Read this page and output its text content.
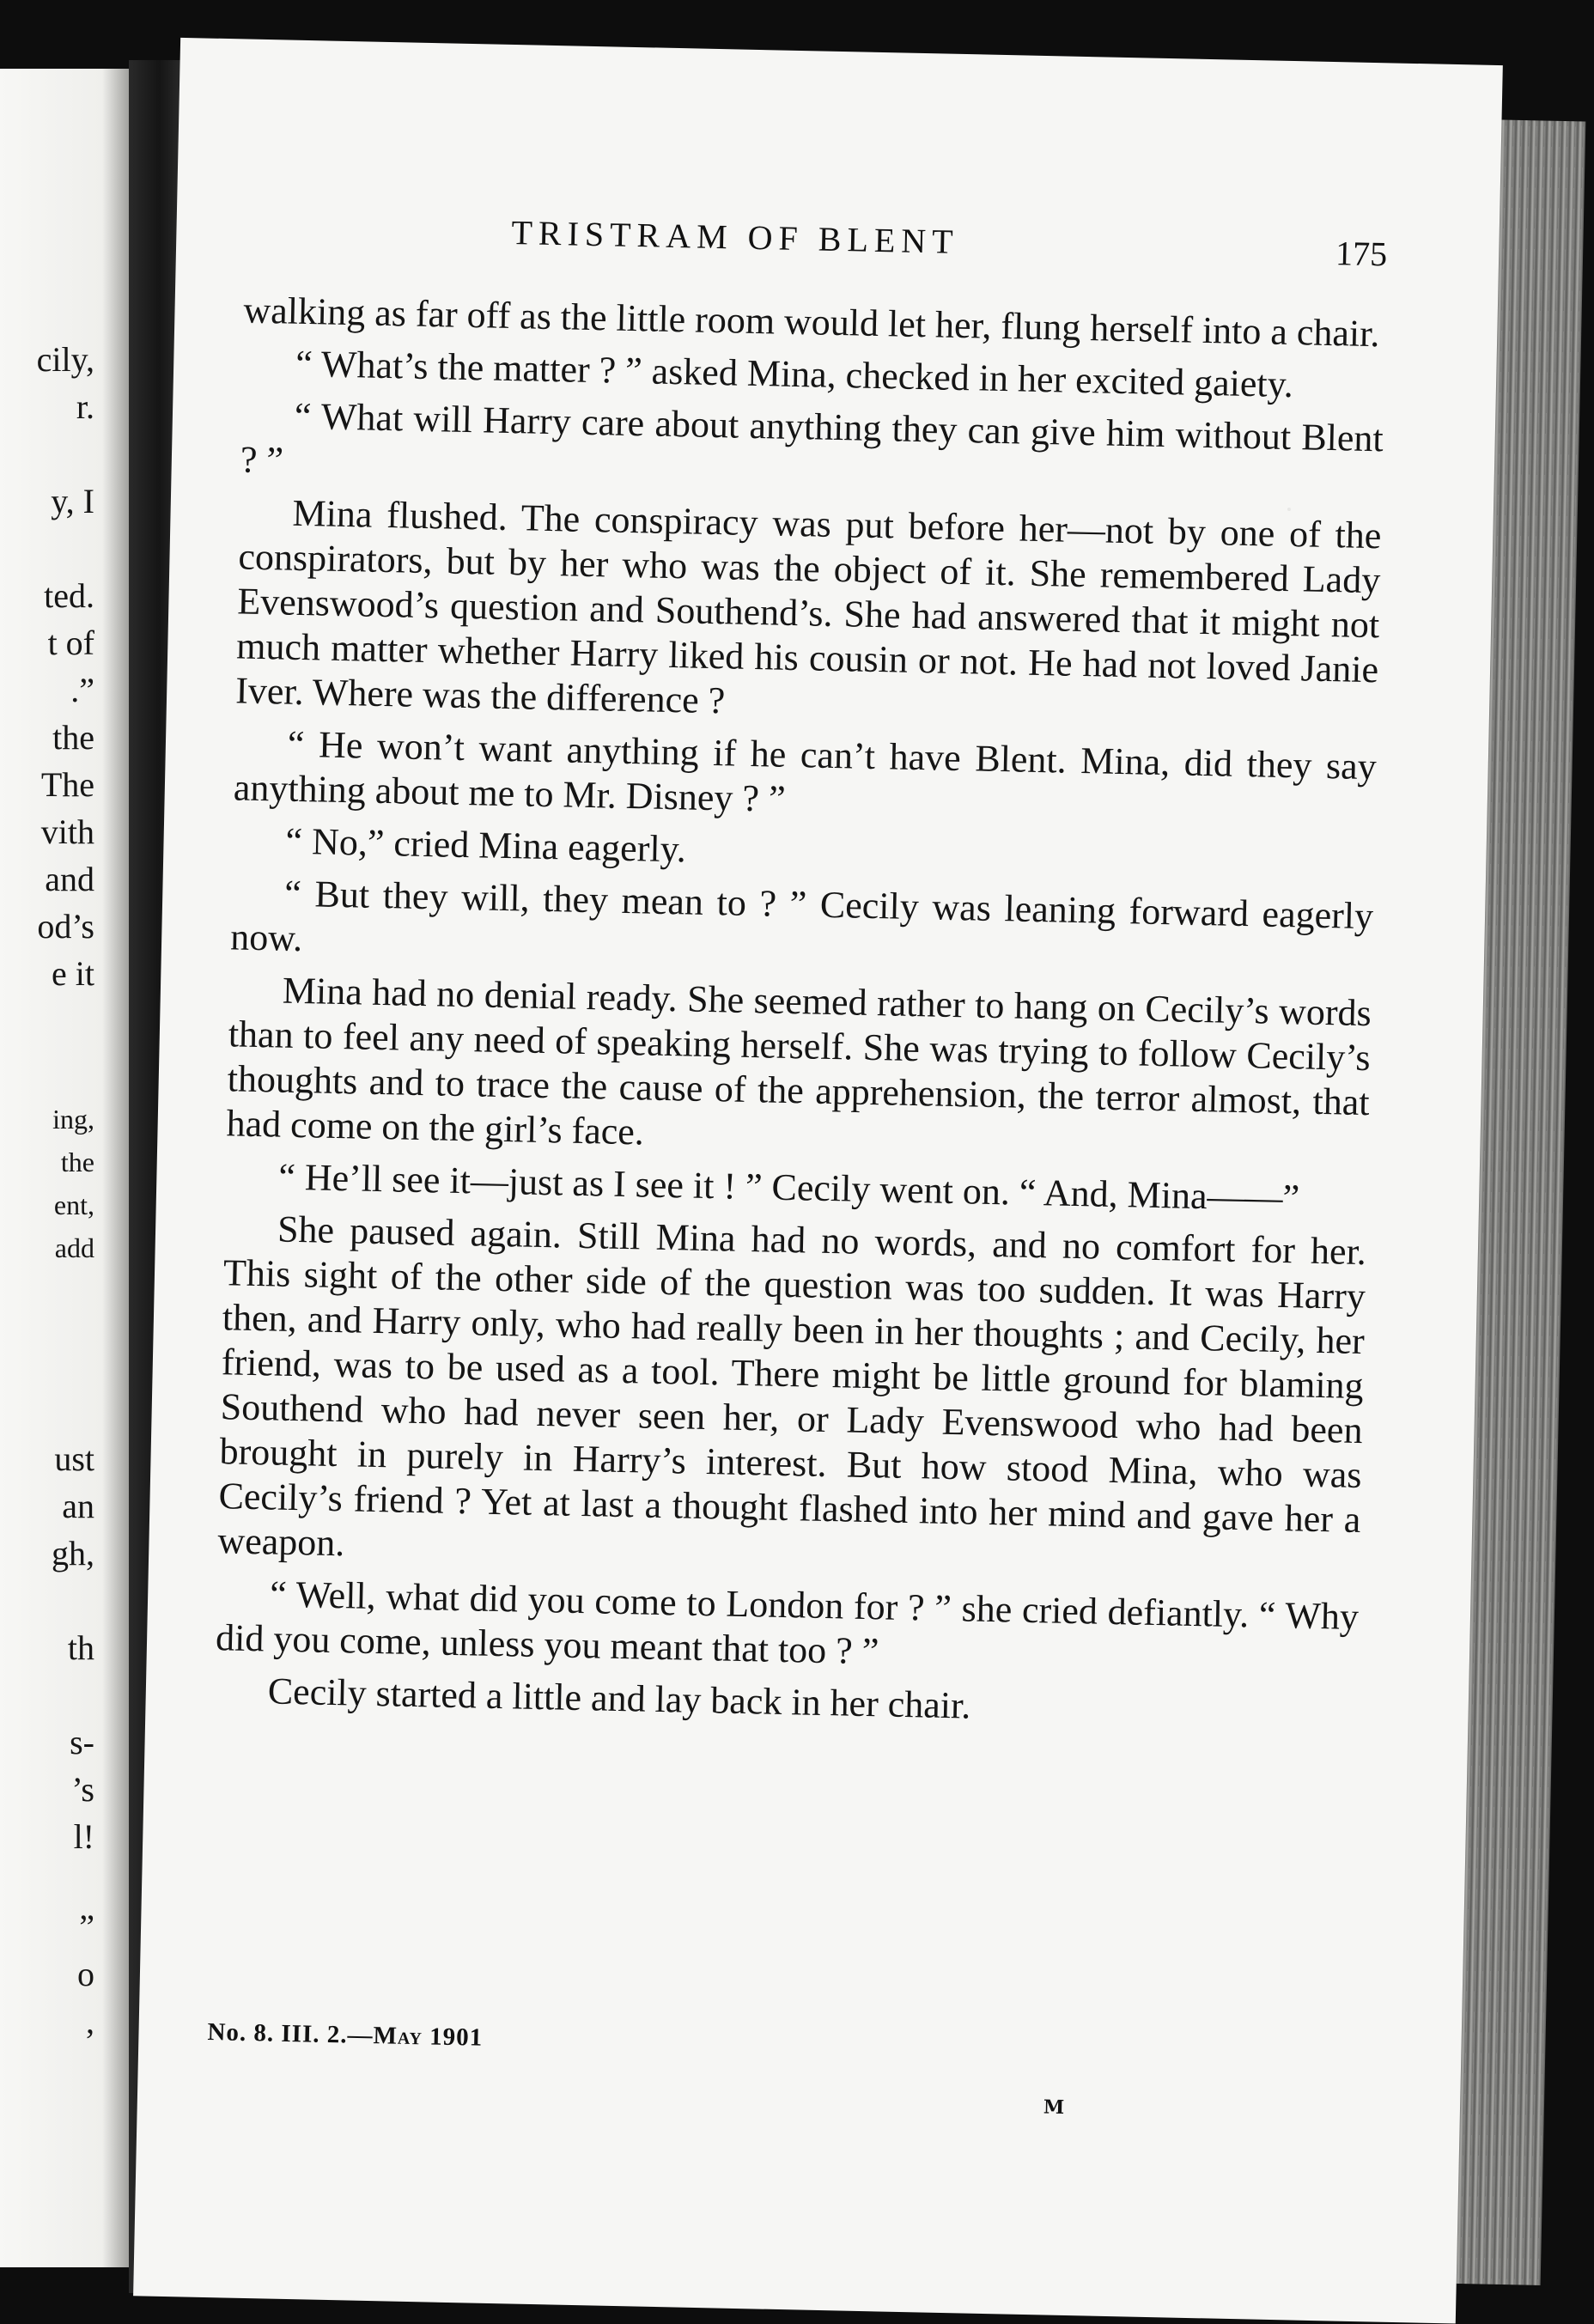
cily,
r.
y, I
ted.
t of
.”
the
The
vith
and
od’s
e it
ing,
the
ent,
add
ust
an
gh,
th
s-
’s
l!
”
o
,
TRISTRAM OF BLENT	175

walking as far off as the little room would let her, flung herself into a chair.

“ What’s the matter ? ” asked Mina, checked in her excited gaiety.

“ What will Harry care about anything they can give him without Blent ? ”

Mina flushed. The conspiracy was put before her—not by one of the conspirators, but by her who was the object of it. She remembered Lady Evenswood’s question and Southend’s. She had answered that it might not much matter whether Harry liked his cousin or not. He had not loved Janie Iver. Where was the difference ?

“ He won’t want anything if he can’t have Blent. Mina, did they say anything about me to Mr. Disney ? ”

“ No,” cried Mina eagerly.

“ But they will, they mean to ? ” Cecily was leaning forward eagerly now.

Mina had no denial ready. She seemed rather to hang on Cecily’s words than to feel any need of speaking herself. She was trying to follow Cecily’s thoughts and to trace the cause of the apprehension, the terror almost, that had come on the girl’s face.

“ He’ll see it—just as I see it ! ” Cecily went on. “ And, Mina——”

She paused again. Still Mina had no words, and no comfort for her. This sight of the other side of the question was too sudden. It was Harry then, and Harry only, who had really been in her thoughts ; and Cecily, her friend, was to be used as a tool. There might be little ground for blaming Southend who had never seen her, or Lady Evenswood who had been brought in purely in Harry’s interest. But how stood Mina, who was Cecily’s friend ? Yet at last a thought flashed into her mind and gave her a weapon.

“ Well, what did you come to London for ? ” she cried defiantly. “ Why did you come, unless you meant that too ? ”

Cecily started a little and lay back in her chair.

No. 8. III. 2.—May 1901
M
